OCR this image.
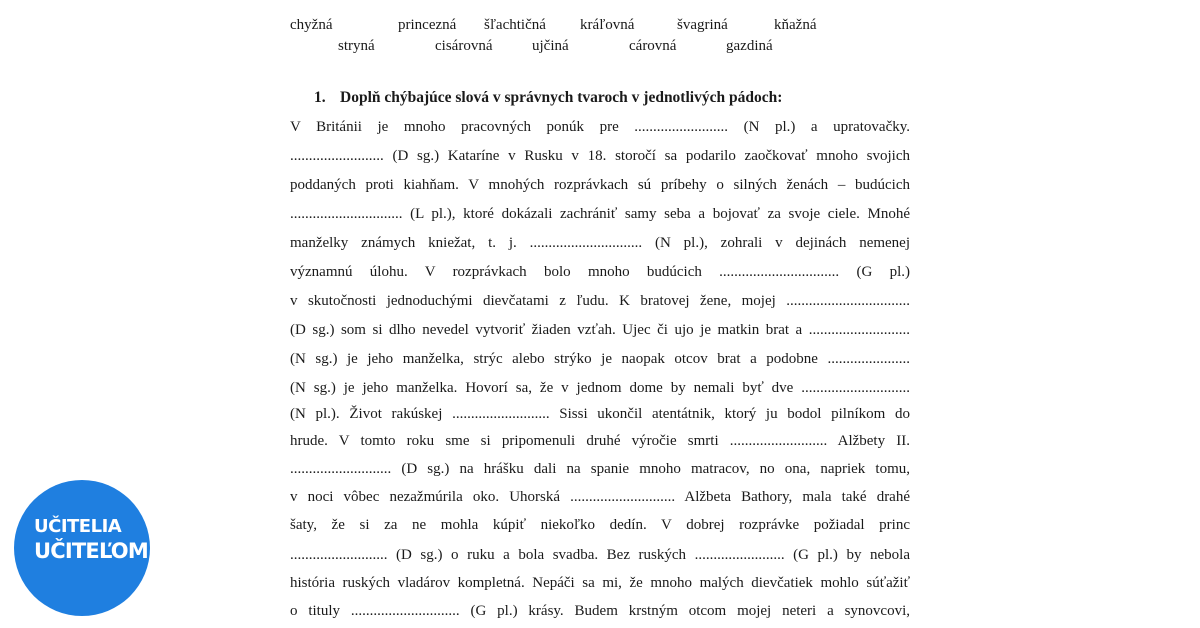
chyžná	princezná šľachtičná kráľovná	švagriná	kňažná
stryná	cisárovná	ujčiná	cárovná	gazdiná
1. Doplň chýbajúce slová v správnych tvaroch v jednotlivých pádoch:
V Británii je mnoho pracovných ponúk pre ......................... (N pl.) a upratovačky.
......................... (D sg.) Kataríne v Rusku v 18. storočí sa podarilo zaočkovať mnoho svojich
poddaných proti kiahňam. V mnohých rozprávkach sú príbehy o silných ženách – budúcich
.............................. (L pl.), ktoré dokázali zachrániť samy seba a bojovať za svoje ciele. Mnohé
manželky známych kniežat, t. j. .............................. (N pl.), zohrali v dejinách nemenej
významnú úlohu. V rozprávkach bolo mnoho budúcich ................................ (G pl.)
v skutočnosti jednoduchými dievčatami z ľudu. K bratovej žene, mojej .................................
(D sg.) som si dlho nevedel vytvoriť žiaden vzťah. Ujec či ujo je matkin brat a ...........................
(N sg.) je jeho manželka, strýc alebo strýko je naopak otcov brat a podobne ......................
(N sg.) je jeho manželka. Hovorí sa, že v jednom dome by nemali byť dve .............................
(N pl.). Život rakúskej .......................... Sissi ukončil atentátnik, ktorý ju bodol pilníkom do
hrude. V tomto roku sme si pripomenuli druhé výročie smrti .......................... Alžbety II.
........................... (D sg.) na hrášku dali na spanie mnoho matracov, no ona, napriek tomu,
v noci vôbec nezažmúrila oko. Uhorská ............................ Alžbeta Bathory, mala také drahé
šaty, že si za ne mohla kúpiť niekoľko dedín. V dobrej rozprávke požiadal princ
.......................... (D sg.) o ruku a bola svadba. Bez ruských ........................ (G pl.) by nebola
história ruských vladárov kompletná. Nepáči sa mi, že mnoho malých dievčatiek mohlo súťažiť
o tituly ............................. (G pl.) krásy. Budem krstným otcom mojej neteri a synovcovi,
UČITELIA
UČITEĽOM.SK
